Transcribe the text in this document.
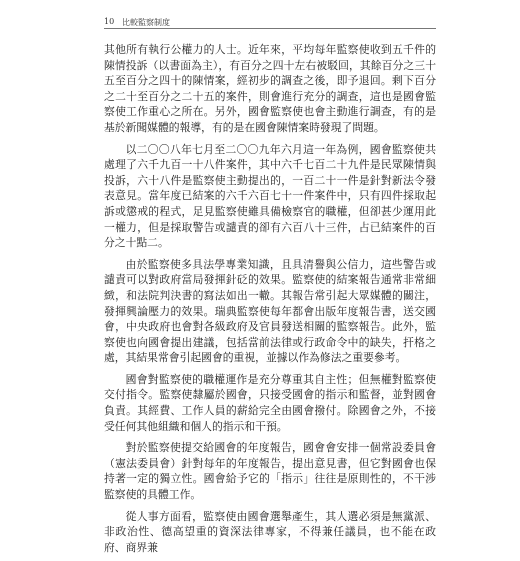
10 比較監察制度

其他所有執行公權力的人士。近年來，平均每年監察使收到五千件的陳情投訴（以書面為主），有百分之四十左右被駁回，其餘百分之三十五至百分之四十的陳情案，經初步的調查之後，即予退回。剩下百分之二十至百分之二十五的案件，則會進行充分的調查，這也是國會監察使工作重心之所在。另外，國會監察使也會主動進行調查，有的是基於新聞媒體的報導，有的是在國會陳情案時發現了問題。

以二〇〇八年七月至二〇〇九年六月這一年為例，國會監察使共處理了六千九百一十八件案件，其中六千七百二十九件是民眾陳情與投訴，六十八件是監察使主動提出的，一百二十一件是針對新法令發表意見。當年度已結案的六千六百七十一件案件中，只有四件採取起訴或懲戒的程式，足見監察使雖具備檢察官的職權，但卻甚少運用此一權力，但是採取警告或譴責的卻有六百八十三件，占已結案件的百分之十點二。

由於監察使多具法學專業知識，且具清譽與公信力，這些警告或譴責可以對政府當局發揮針砭的效果。監察使的結案報告通常非常細緻，和法院判決書的寫法如出一轍。其報告常引起大眾媒體的關注，發揮興論壓力的效果。瑞典監察使每年都會出版年度報告書，送交國會，中央政府也會對各級政府及官員發送相關的監察報告。此外，監察使也向國會提出建議，包括當前法律或行政命令中的缺失，扞格之處，其結果常會引起國會的重視，並據以作為修法之重要參考。

國會對監察使的職權運作是充分尊重其自主性；但無權對監察使交付指令。監察使隸屬於國會，只接受國會的指示和監督，並對國會負責。其經費、工作人員的薪給完全由國會撥付。除國會之外，不接受任何其他組織和個人的指示和干預。

對於監察使提交給國會的年度報告，國會會安排一個常設委員會（憲法委員會）針對每年的年度報告，提出意見書，但它對國會也保持著一定的獨立性。國會給予它的「指示」往往是原則性的，不干涉監察使的具體工作。

從人事方面看，監察使由國會選舉產生，其人選必須是無黨派、非政治性、德高望重的資深法律專家，不得兼任議員，也不能在政府、商界兼
